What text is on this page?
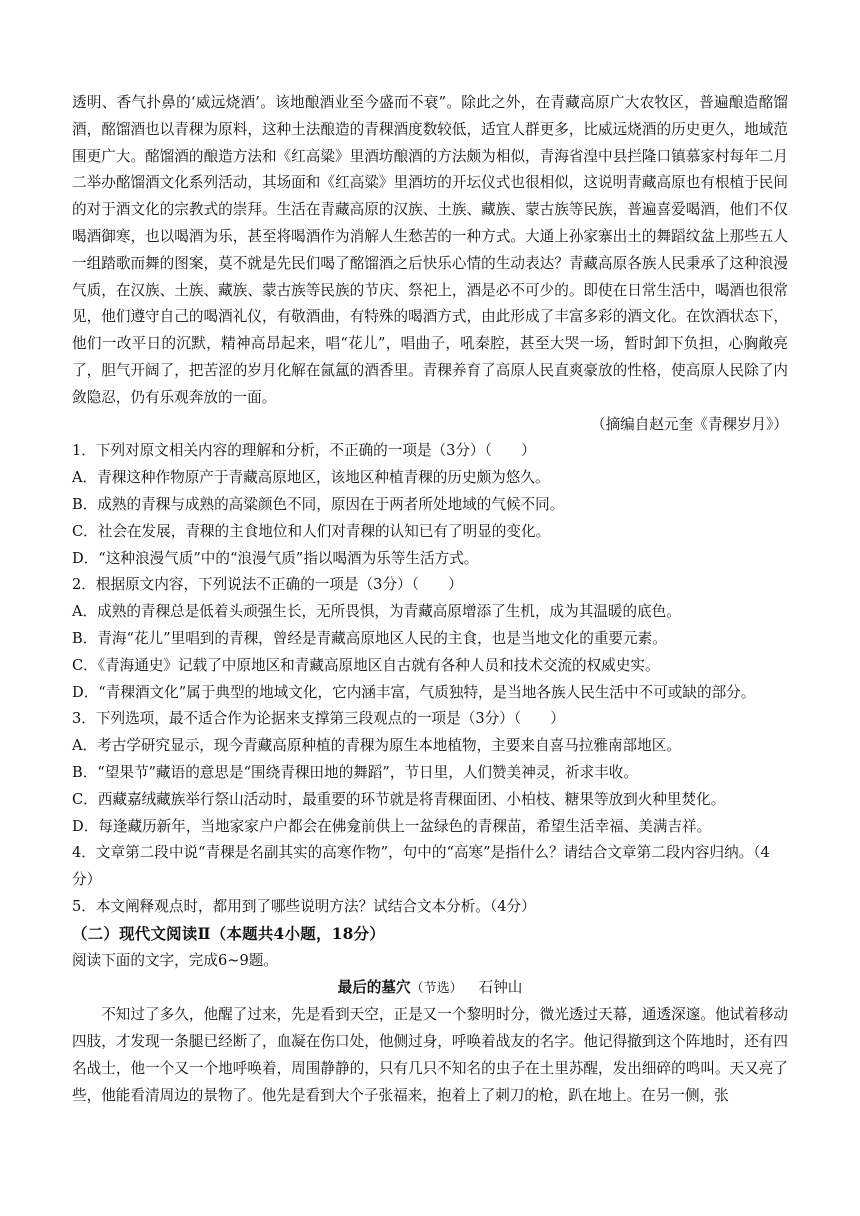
透明、香气扑鼻的‘威远烧酒’。该地酿酒业至今盛而不衰”。除此之外，在青藏高原广大农牧区，普遍酿造酩馏酒，酩馏酒也以青稞为原料，这种土法酿造的青稞酒度数较低，适宜人群更多，比威远烧酒的历史更久，地域范围更广大。酩馏酒的酿造方法和《红高粱》里酒坊酿酒的方法颇为相似，青海省湟中县拦隆口镇慕家村每年二月二举办酩馏酒文化系列活动，其场面和《红高粱》里酒坊的开坛仪式也很相似，这说明青藏高原也有根植于民间的对于酒文化的宗教式的崇拜。生活在青藏高原的汉族、土族、藏族、蒙古族等民族，普遍喜爱喝酒，他们不仅喝酒御寒，也以喝酒为乐，甚至将喝酒作为消解人生愁苦的一种方式。大通上孙家寨出土的舞蹈纹盆上那些五人一组踏歌而舞的图案，莫不就是先民们喝了酩馏酒之后快乐心情的生动表达？青藏高原各族人民秉承了这种浪漫气质，在汉族、土族、藏族、蒙古族等民族的节庆、祭祀上，酒是必不可少的。即使在日常生活中，喝酒也很常见，他们遵守自己的喝酒礼仪，有敬酒曲，有特殊的喝酒方式，由此形成了丰富多彩的酒文化。在饮酒状态下，他们一改平日的沉默，精神高昂起来，唱“花儿”，唱曲子，吼秦腔，甚至大哭一场，暂时卸下负担，心胸敞亮了，胆气开阔了，把苦涩的岁月化解在氤氲的酒香里。青稞养育了高原人民直爽豪放的性格，使高原人民除了内敛隐忍，仍有乐观奔放的一面。

（摘编自赵元奎《青稞岁月》）

1．下列对原文相关内容的理解和分析，不正确的一项是（3分）（　　）

A．青稞这种作物原产于青藏高原地区，该地区种植青稞的历史颇为悠久。

B．成熟的青稞与成熟的高粱颜色不同，原因在于两者所处地域的气候不同。

C．社会在发展，青稞的主食地位和人们对青稞的认知已有了明显的变化。

D．“这种浪漫气质”中的“浪漫气质”指以喝酒为乐等生活方式。

2．根据原文内容，下列说法不正确的一项是（3分）（　　）

A．成熟的青稞总是低着头顽强生长，无所畏惧，为青藏高原增添了生机，成为其温暖的底色。

B．青海“花儿”里唱到的青稞，曾经是青藏高原地区人民的主食，也是当地文化的重要元素。

C．《青海通史》记载了中原地区和青藏高原地区自古就有各种人员和技术交流的权威史实。

D．“青稞酒文化”属于典型的地域文化，它内涵丰富，气质独特，是当地各族人民生活中不可或缺的部分。

3．下列选项，最不适合作为论据来支撑第三段观点的一项是（3分）（　　）

A．考古学研究显示，现今青藏高原种植的青稞为原生本地植物，主要来自喜马拉雅南部地区。

B．“望果节”藏语的意思是“围绕青稞田地的舞蹈”，节日里，人们赞美神灵，祈求丰收。

C．西藏嘉绒藏族举行祭山活动时，最重要的环节就是将青稞面团、小柏枝、糖果等放到火种里焚化。

D．每逢藏历新年，当地家家户户都会在佛龛前供上一盆绿色的青稞苗，希望生活幸福、美满吉祥。

4．文章第二段中说“青稞是名副其实的高寒作物”，句中的“高寒”是指什么？请结合文章第二段内容归纳。（4分）

5．本文阐释观点时，都用到了哪些说明方法？试结合文本分析。（4分）

（二）现代文阅读Ⅱ（本题共4小题，18分）

阅读下面的文字，完成6~9题。

最后的墓穴（节选） 石钟山

不知过了多久，他醒了过来，先是看到天空，正是又一个黎明时分，微光透过天幕，通透深邃。他试着移动四肢，才发现一条腿已经断了，血凝在伤口处，他侧过身，呼唤着战友的名字。他记得撤到这个阵地时，还有四名战士，他一个又一个地呼唤着，周围静静的，只有几只不知名的虫子在土里苏醒，发出细碎的鸣叫。天又亮了些，他能看清周边的景物了。他先是看到大个子张福来，抱着上了刺刀的枪，趴在地上。在另一侧，张
